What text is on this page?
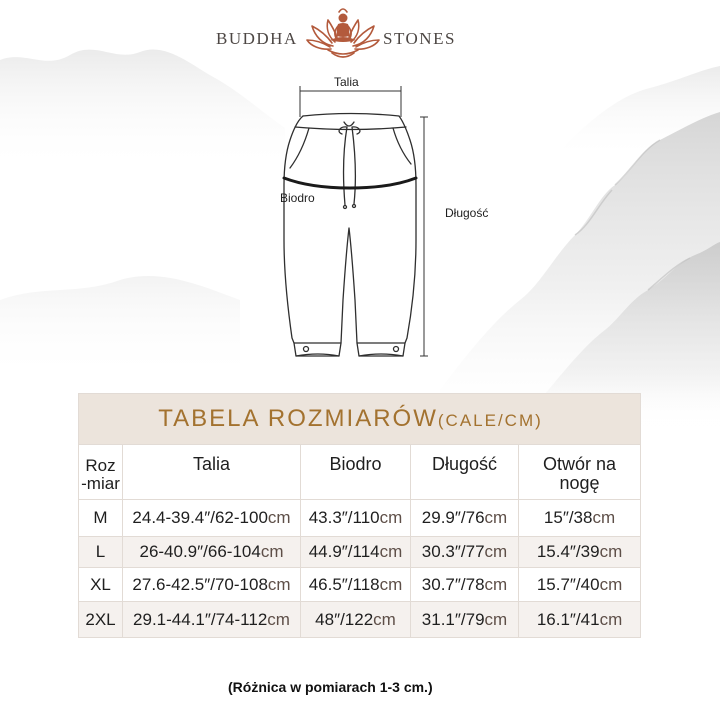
BUDDHA	STONES
Talia
Biodro
Długość
TABELA ROZMIARÓW(CALE/CM)				

Roz
-miar	Talia	Biodro	Długość	Otwór na nogę
M	24.4-39.4″/62-100cm	43.3″/110cm	29.9″/76cm	15″/38cm
L	26-40.9″/66-104cm	44.9″/114cm	30.3″/77cm	15.4″/39cm
XL	27.6-42.5″/70-108cm	46.5″/118cm	30.7″/78cm	15.7″/40cm
2XL	29.1-44.1″/74-112cm	48″/122cm	31.1″/79cm	16.1″/41cm
(Różnica w pomiarach 1-3 cm.)
